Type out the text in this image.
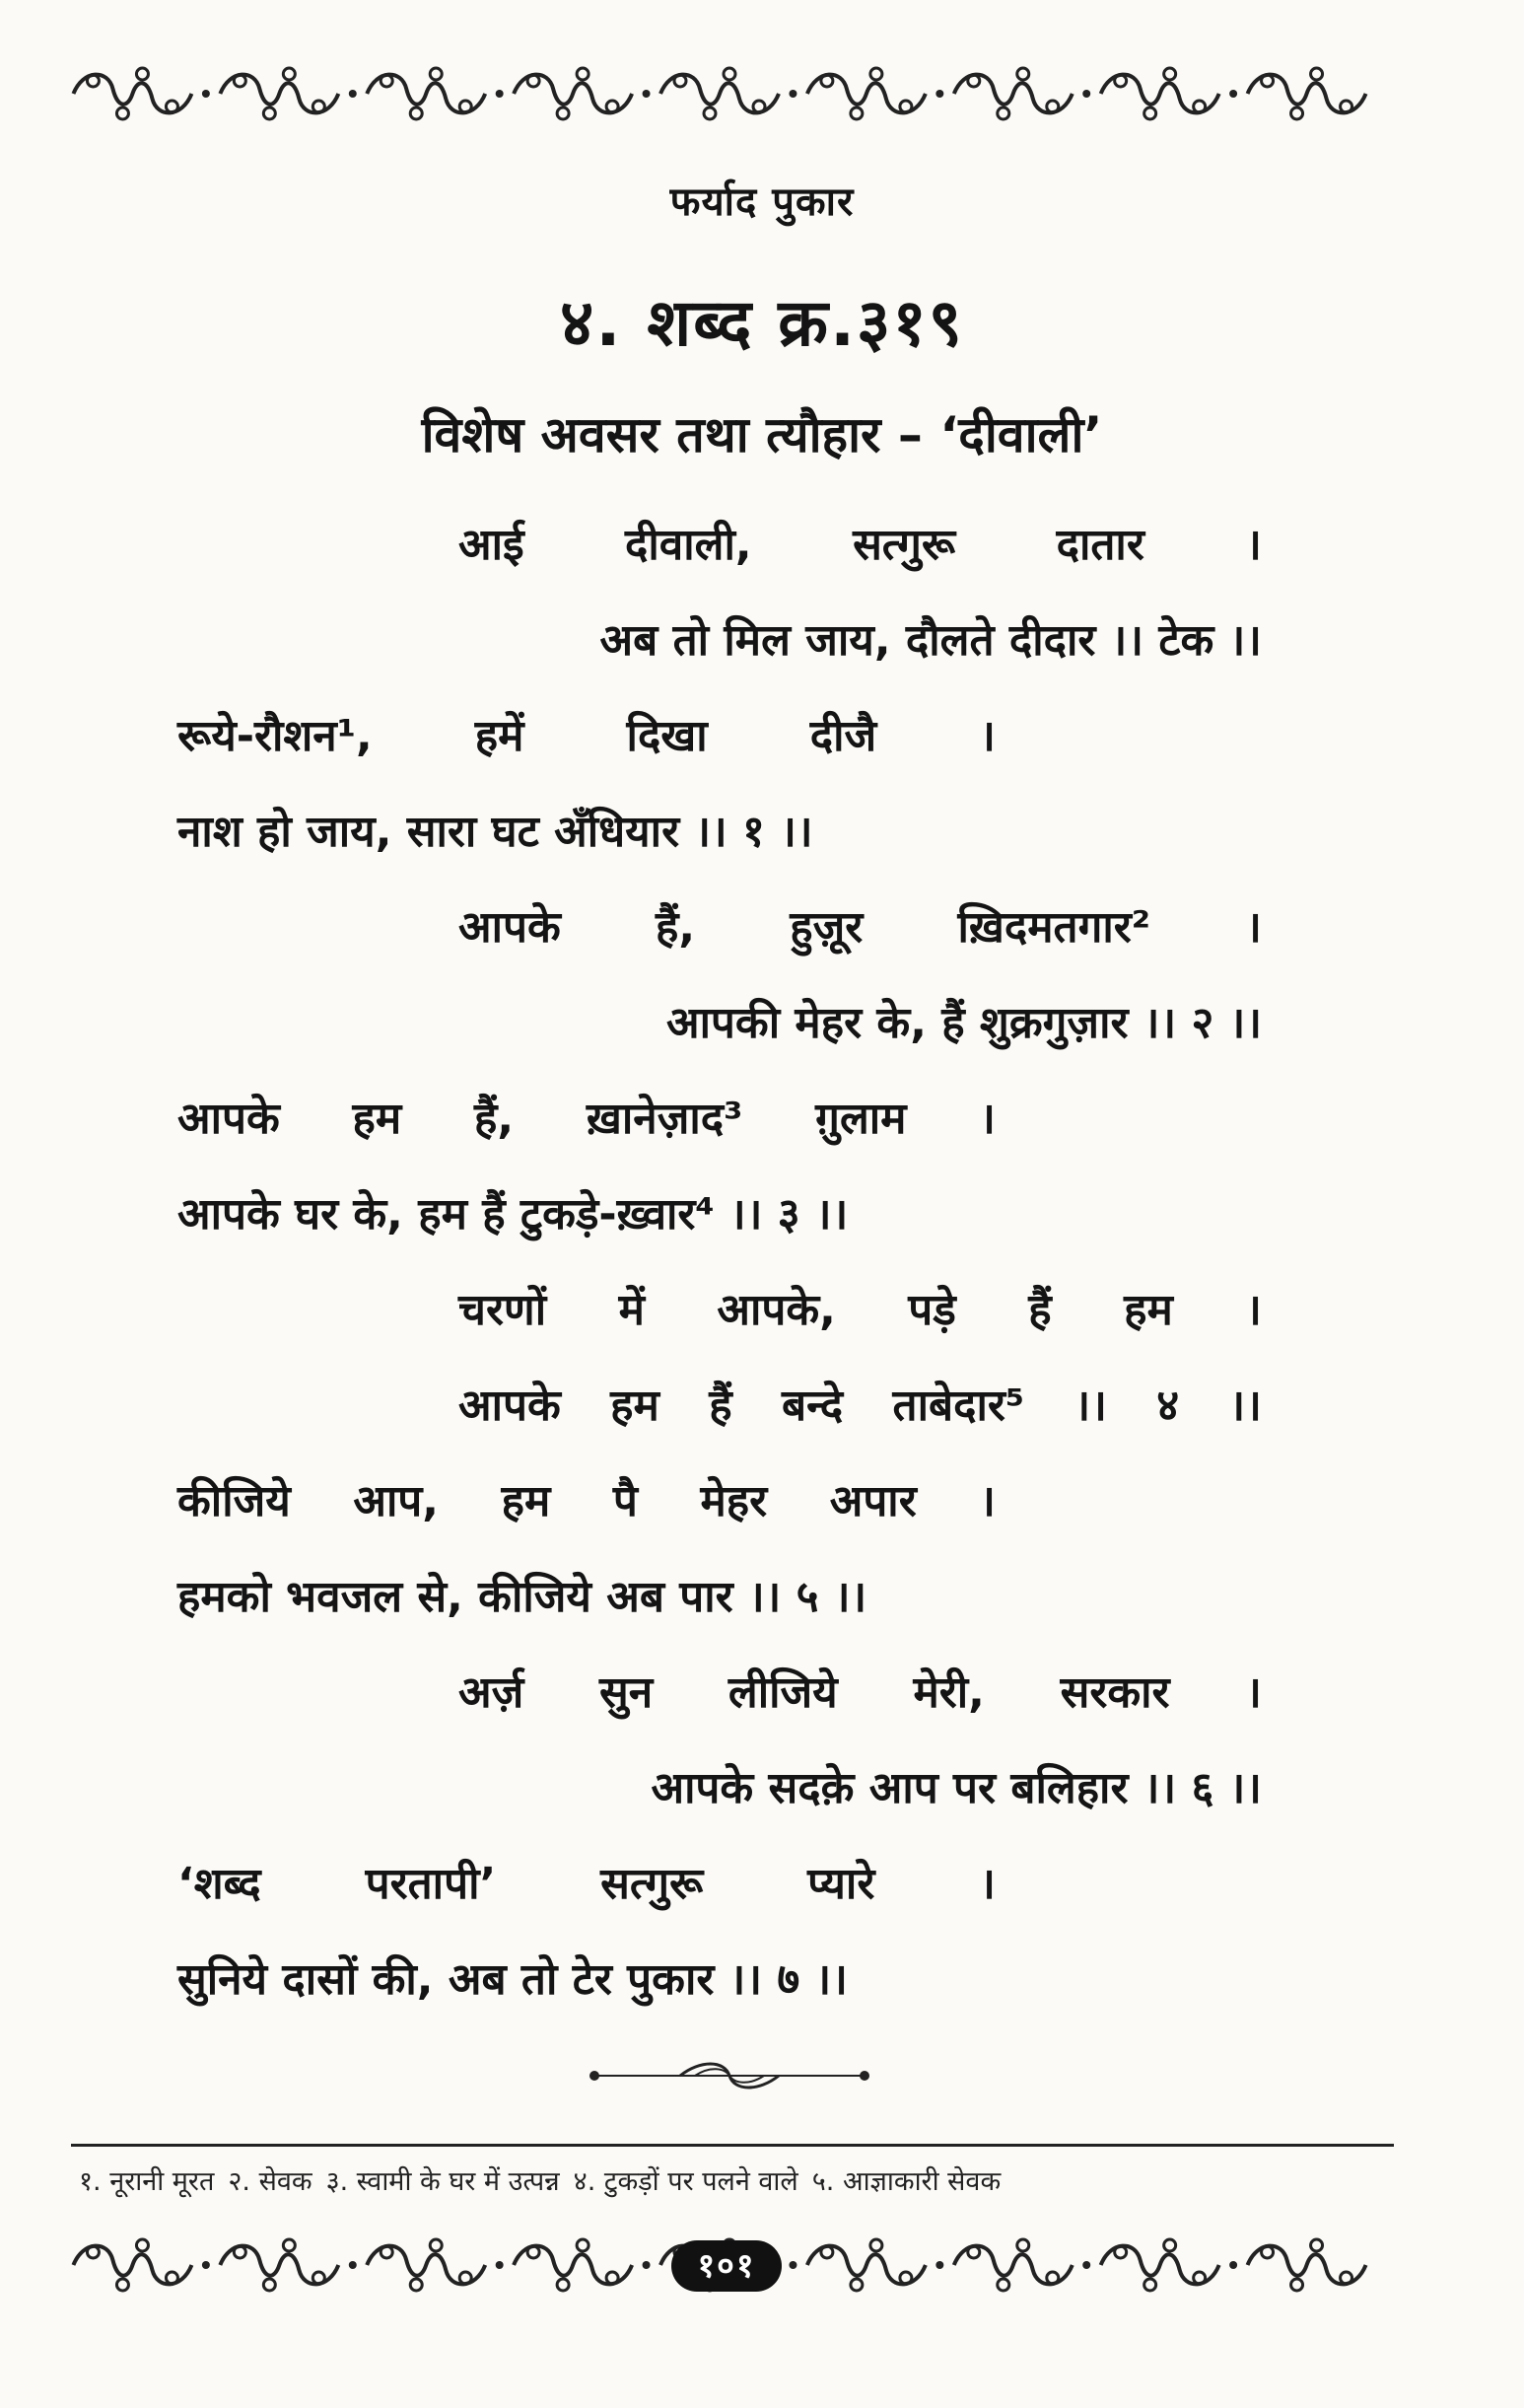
फर्याद पुकार
४. शब्द क्र.३१९
विशेष अवसर तथा त्यौहार – ‘दीवाली’
आई दीवाली, सत्गुरू दातार ।
अब तो मिल जाय, दौलते दीदार ।। टेक ।।
रूये-रौशन¹, हमें दिखा दीजै ।
नाश हो जाय, सारा घट अँधियार ।। १ ।।
आपके हैं, हुज़ूर ख़िदमतगार² ।
आपकी मेहर के, हैं शुक्रगुज़ार ।। २ ।।
आपके हम हैं, ख़ानेज़ाद³ ग़ुलाम ।
आपके घर के, हम हैं टुकड़े-ख़्वार⁴ ।। ३ ।।
चरणों में आपके, पड़े हैं हम ।
आपके हम हैं बन्दे ताबेदार⁵ ।। ४ ।।
कीजिये आप, हम पै मेहर अपार ।
हमको भवजल से, कीजिये अब पार ।। ५ ।।
अर्ज़ सुन लीजिये मेरी, सरकार ।
आपके सदक़े आप पर बलिहार ।। ६ ।।
‘शब्द परतापी’ सत्गुरू प्यारे ।
सुनिये दासों की, अब तो टेर पुकार ।। ७ ।।
१. नूरानी मूरत २. सेवक ३. स्वामी के घर में उत्पन्न ४. टुकड़ों पर पलने वाले ५. आज्ञाकारी सेवक
१०१
